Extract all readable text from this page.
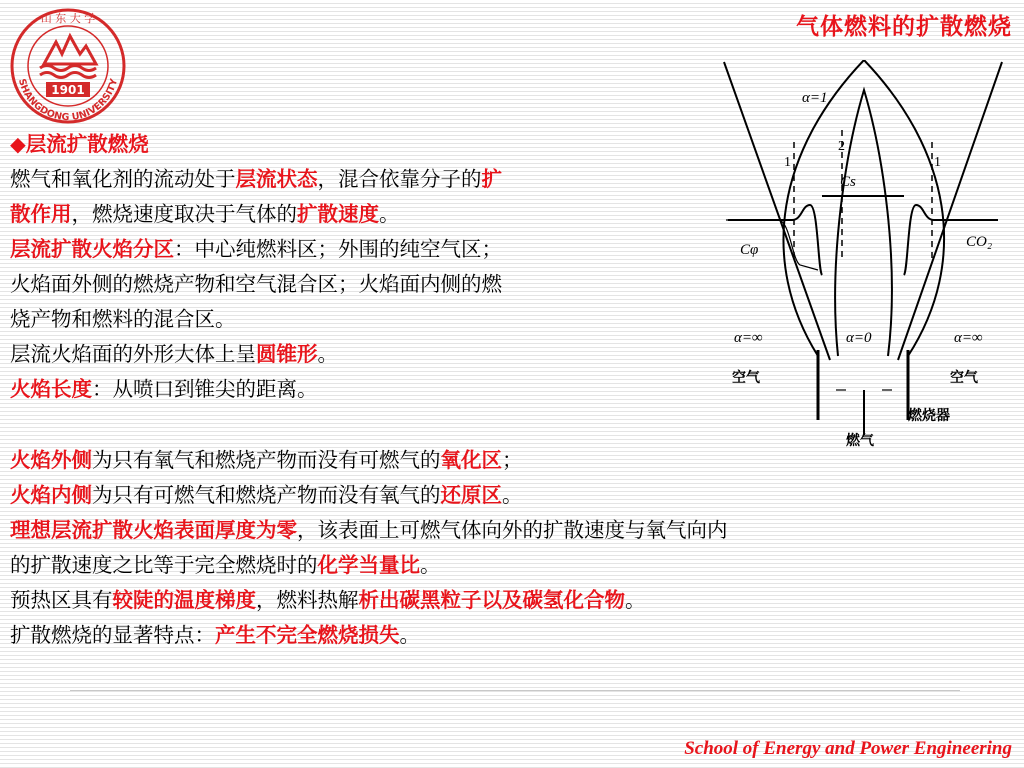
山 东 大 学
1901
SHANGDONG UNIVERSITY
气体燃料的扩散燃烧
α=1
α=∞	α=∞
α=0
Cs
Cφ	CO₂
1
2
1
空气	空气
燃气
燃烧器
◆层流扩散燃烧
燃气和氧化剂的流动处于层流状态，混合依靠分子的扩
散作用，燃烧速度取决于气体的扩散速度。
层流扩散火焰分区：中心纯燃料区；外围的纯空气区；
火焰面外侧的燃烧产物和空气混合区；火焰面内侧的燃
烧产物和燃料的混合区。
层流火焰面的外形大体上呈圆锥形。
火焰长度：从喷口到锥尖的距离。
火焰外侧为只有氧气和燃烧产物而没有可燃气的氧化区；
火焰内侧为只有可燃气和燃烧产物而没有氧气的还原区。
理想层流扩散火焰表面厚度为零，该表面上可燃气体向外的扩散速度与氧气向内
的扩散速度之比等于完全燃烧时的化学当量比。
预热区具有较陡的温度梯度，燃料热解析出碳黑粒子以及碳氢化合物。
扩散燃烧的显著特点：产生不完全燃烧损失。
School of Energy and Power Engineering
